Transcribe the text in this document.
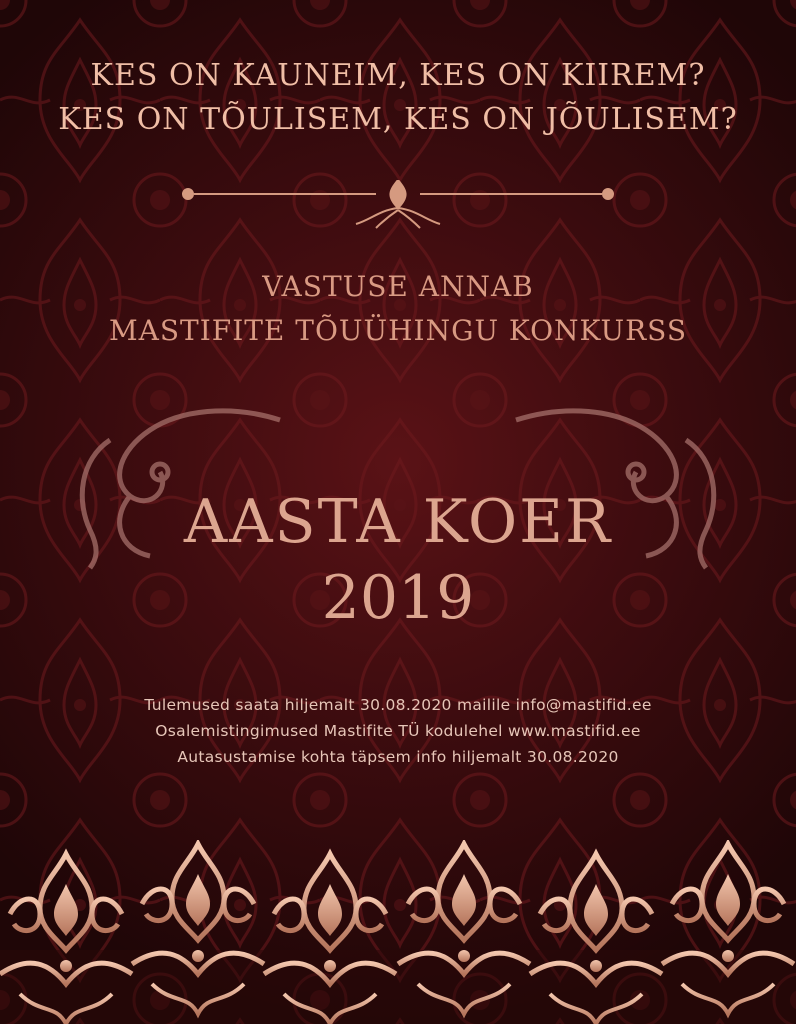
KES ON KAUNEIM, KES ON KIIREM?
KES ON TÕULISEM, KES ON JÕULISEM?
VASTUSE ANNAB
MASTIFITE TÕUÜHINGU KONKURSS
AASTA KOER
2019
Tulemused saata hiljemalt 30.08.2020 mailile info@mastifid.ee
Osalemistingimused Mastifite TÜ kodulehel www.mastifid.ee
Autasustamise kohta täpsem info hiljemalt 30.08.2020
